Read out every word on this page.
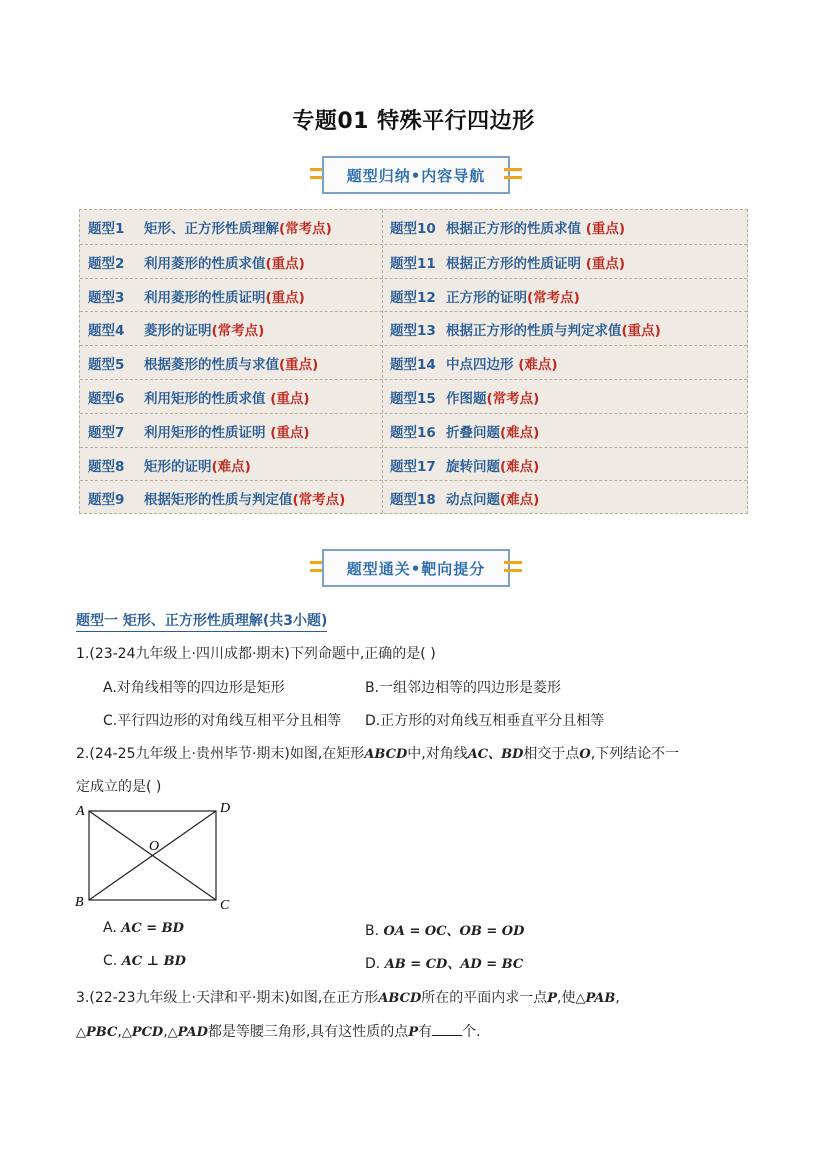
专题01 特殊平行四边形
题型归纳•内容导航
题型1 矩形、正方形性质理解(常考点)	题型10 根据正方形的性质求值 (重点)
题型2 利用菱形的性质求值(重点)	题型11 根据正方形的性质证明 (重点)
题型3 利用菱形的性质证明(重点)	题型12 正方形的证明(常考点)
题型4 菱形的证明(常考点)	题型13 根据正方形的性质与判定求值(重点)
题型5 根据菱形的性质与求值(重点)	题型14 中点四边形 (难点)
题型6 利用矩形的性质求值 (重点)	题型15 作图题(常考点)
题型7 利用矩形的性质证明 (重点)	题型16 折叠问题(难点)
题型8 矩形的证明(难点)	题型17 旋转问题(难点)
题型9 根据矩形的性质与判定值(常考点)	题型18 动点问题(难点)
题型通关•靶向提分
题型一 矩形、正方形性质理解(共3小题)
1.(23-24九年级上·四川成都·期末)下列命题中,正确的是( )
A.对角线相等的四边形是矩形	B.一组邻边相等的四边形是菱形
C.平行四边形的对角线互相平分且相等 D.正方形的对角线互相垂直平分且相等
2.(24-25九年级上·贵州毕节·期末)如图,在矩形ABCD中,对角线AC、BD相交于点O,下列结论不一
定成立的是( )
A	D
O
B	C
A. AC = BD	B. OA = OC、OB = OD
C. AC ⊥ BD	D. AB = CD、AD = BC
3.(22-23九年级上·天津和平·期末)如图,在正方形ABCD所在的平面内求一点P,使△PAB,
△PBC,△PCD,△PAD都是等腰三角形,具有这性质的点P有 个.
